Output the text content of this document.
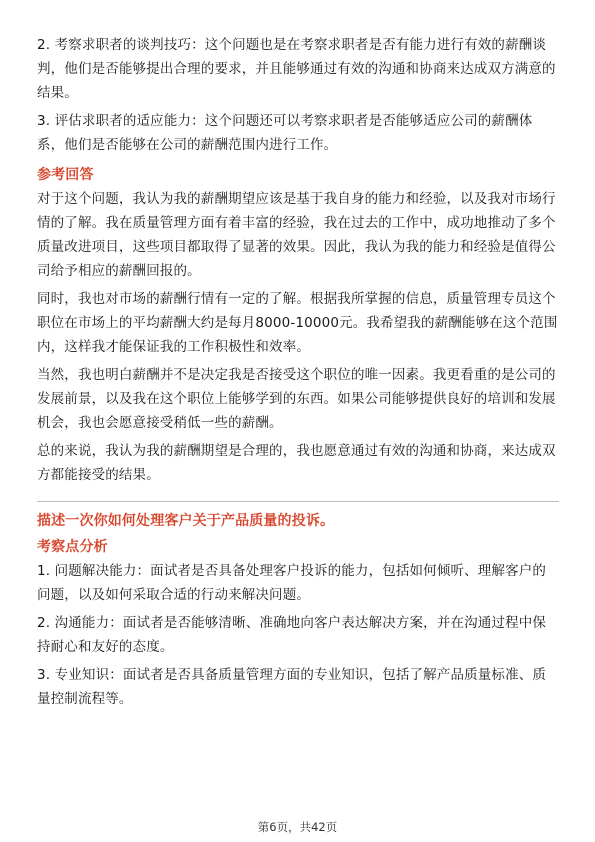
2. 考察求职者的谈判技巧：这个问题也是在考察求职者是否有能力进行有效的薪酬谈判，他们是否能够提出合理的要求，并且能够通过有效的沟通和协商来达成双方满意的结果。

3. 评估求职者的适应能力：这个问题还可以考察求职者是否能够适应公司的薪酬体系，他们是否能够在公司的薪酬范围内进行工作。

参考回答

对于这个问题，我认为我的薪酬期望应该是基于我自身的能力和经验，以及我对市场行情的了解。我在质量管理方面有着丰富的经验，我在过去的工作中，成功地推动了多个质量改进项目，这些项目都取得了显著的效果。因此，我认为我的能力和经验是值得公司给予相应的薪酬回报的。

同时，我也对市场的薪酬行情有一定的了解。根据我所掌握的信息，质量管理专员这个职位在市场上的平均薪酬大约是每月8000-10000元。我希望我的薪酬能够在这个范围内，这样我才能保证我的工作积极性和效率。

当然，我也明白薪酬并不是决定我是否接受这个职位的唯一因素。我更看重的是公司的发展前景，以及我在这个职位上能够学到的东西。如果公司能够提供良好的培训和发展机会，我也会愿意接受稍低一些的薪酬。

总的来说，我认为我的薪酬期望是合理的，我也愿意通过有效的沟通和协商，来达成双方都能接受的结果。

描述一次你如何处理客户关于产品质量的投诉。

考察点分析

1. 问题解决能力：面试者是否具备处理客户投诉的能力，包括如何倾听、理解客户的问题，以及如何采取合适的行动来解决问题。

2. 沟通能力：面试者是否能够清晰、准确地向客户表达解决方案，并在沟通过程中保持耐心和友好的态度。

3. 专业知识：面试者是否具备质量管理方面的专业知识，包括了解产品质量标准、质量控制流程等。

第6页，共42页
